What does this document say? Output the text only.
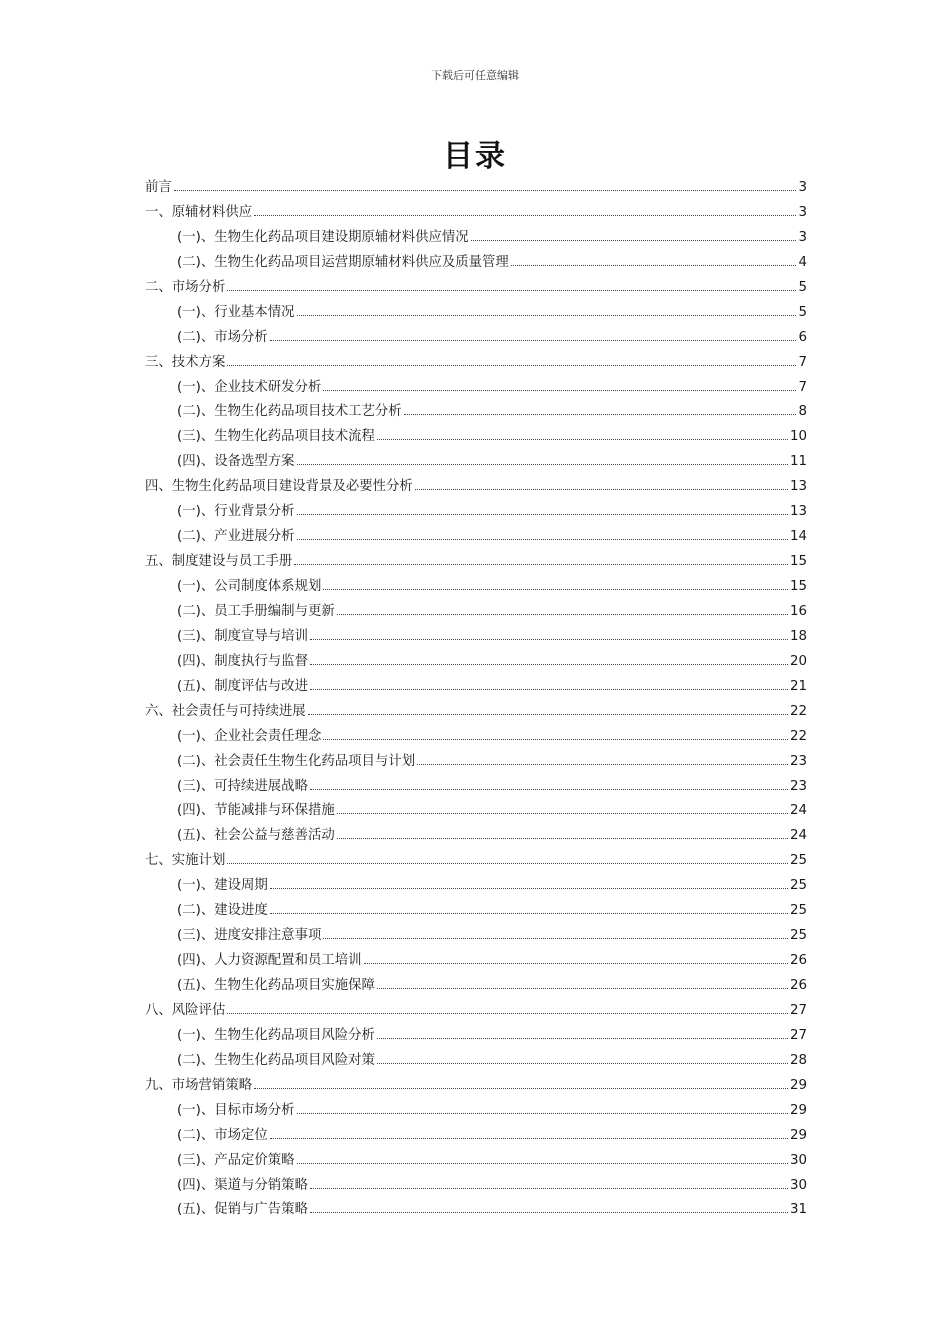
下载后可任意编辑
目录
前言	3
一、原辅材料供应	3
(一)、生物生化药品项目建设期原辅材料供应情况	3
(二)、生物生化药品项目运营期原辅材料供应及质量管理	4
二、市场分析	5
(一)、行业基本情况	5
(二)、市场分析	6
三、技术方案	7
(一)、企业技术研发分析	7
(二)、生物生化药品项目技术工艺分析	8
(三)、生物生化药品项目技术流程	10
(四)、设备选型方案	11
四、生物生化药品项目建设背景及必要性分析	13
(一)、行业背景分析	13
(二)、产业进展分析	14
五、制度建设与员工手册	15
(一)、公司制度体系规划	15
(二)、员工手册编制与更新	16
(三)、制度宣导与培训	18
(四)、制度执行与监督	20
(五)、制度评估与改进	21
六、社会责任与可持续进展	22
(一)、企业社会责任理念	22
(二)、社会责任生物生化药品项目与计划	23
(三)、可持续进展战略	23
(四)、节能减排与环保措施	24
(五)、社会公益与慈善活动	24
七、实施计划	25
(一)、建设周期	25
(二)、建设进度	25
(三)、进度安排注意事项	25
(四)、人力资源配置和员工培训	26
(五)、生物生化药品项目实施保障	26
八、风险评估	27
(一)、生物生化药品项目风险分析	27
(二)、生物生化药品项目风险对策	28
九、市场营销策略	29
(一)、目标市场分析	29
(二)、市场定位	29
(三)、产品定价策略	30
(四)、渠道与分销策略	30
(五)、促销与广告策略	31
